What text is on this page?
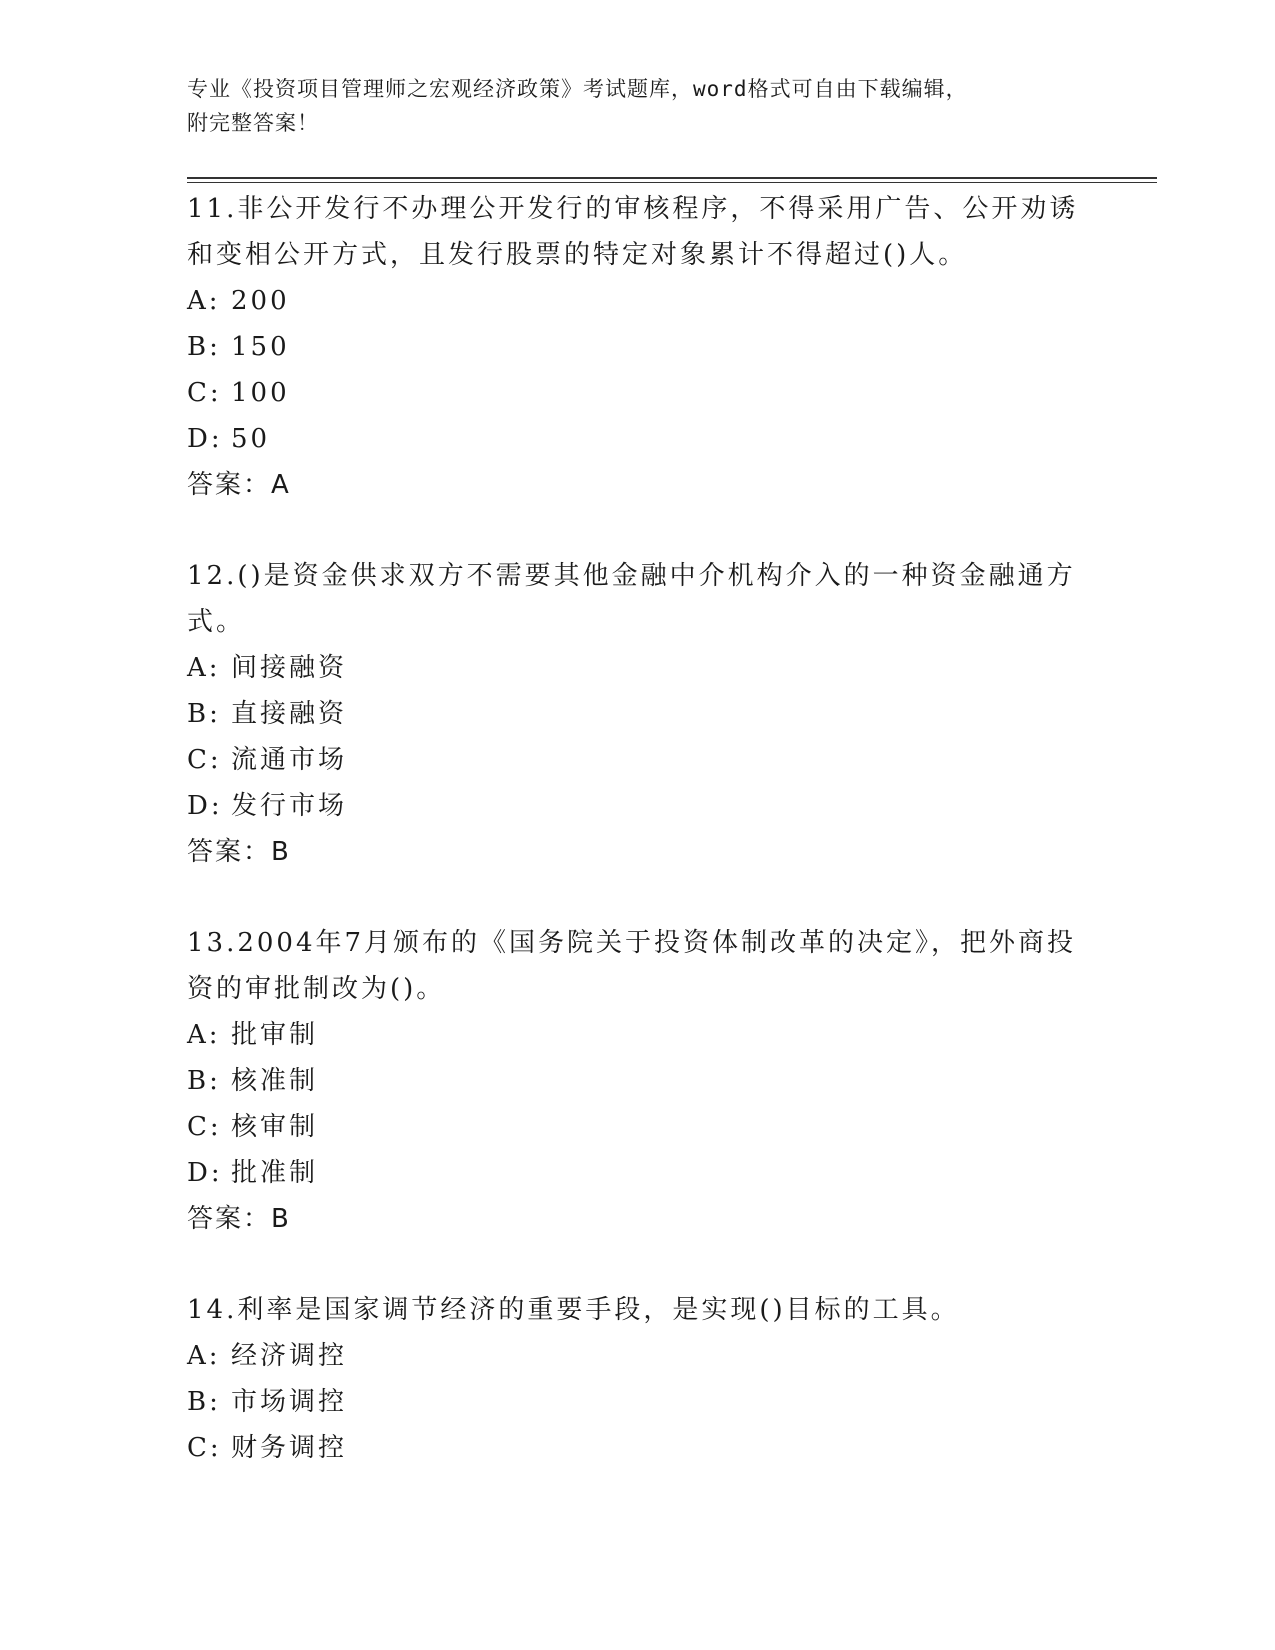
专业《投资项目管理师之宏观经济政策》考试题库，word格式可自由下载编辑，
附完整答案！
11.非公开发行不办理公开发行的审核程序，不得采用广告、公开劝诱和变相公开方式，且发行股票的特定对象累计不得超过()人。
A: 200
B: 150
C: 100
D: 50
答案：A
12.()是资金供求双方不需要其他金融中介机构介入的一种资金融通方式。
A: 间接融资
B: 直接融资
C: 流通市场
D: 发行市场
答案：B
13.2004年7月颁布的《国务院关于投资体制改革的决定》，把外商投资的审批制改为()。
A: 批审制
B: 核准制
C: 核审制
D: 批准制
答案：B
14.利率是国家调节经济的重要手段，是实现()目标的工具。
A: 经济调控
B: 市场调控
C: 财务调控
